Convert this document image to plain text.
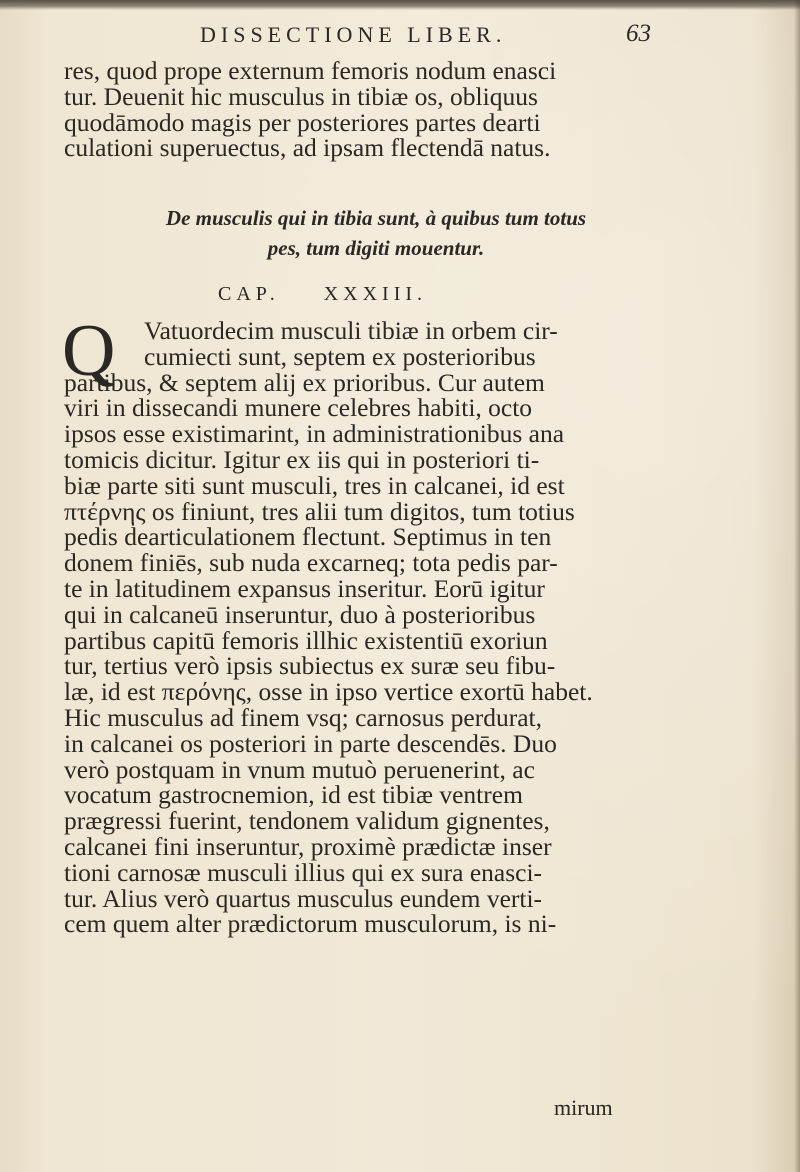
DISSECTIONE LIBER.	63
res, quod prope externum femoris nodum enasci
tur. Deuenit hic musculus in tibiæ os, obliquus
quodāmodo magis per posteriores partes dearti
culationi superuectus, ad ipsam flectendā natus.
De musculis qui in tibia sunt, à quibus tum totus
pes, tum digiti mouentur.
CAP. XXXIII.
Q	Vatuordecim musculi tibiæ in orbem cir-
cumiecti sunt, septem ex posterioribus
partibus, & septem alij ex prioribus. Cur autem
viri in dissecandi munere celebres habiti, octo
ipsos esse existimarint, in administrationibus ana
tomicis dicitur. Igitur ex iis qui in posteriori ti-
biæ parte siti sunt musculi, tres in calcanei, id est
πτέρνης os finiunt, tres alii tum digitos, tum totius
pedis dearticulationem flectunt. Septimus in ten
donem finiēs, sub nuda excarneq; tota pedis par-
te in latitudinem expansus inseritur. Eorū igitur
qui in calcaneū inseruntur, duo à posterioribus
partibus capitū femoris illhic existentiū exoriun
tur, tertius verò ipsis subiectus ex suræ seu fibu-
læ, id est περόνης, osse in ipso vertice exortū habet.
Hic musculus ad finem vsq; carnosus perdurat,
in calcanei os posteriori in parte descendēs. Duo
verò postquam in vnum mutuò peruenerint, ac
vocatum gastrocnemion, id est tibiæ ventrem
prægressi fuerint, tendonem validum gignentes,
calcanei fini inseruntur, proximè prædictæ inser
tioni carnosæ musculi illius qui ex sura enasci-
tur. Alius verò quartus musculus eundem verti-
cem quem alter prædictorum musculorum, is ni-
mirum
